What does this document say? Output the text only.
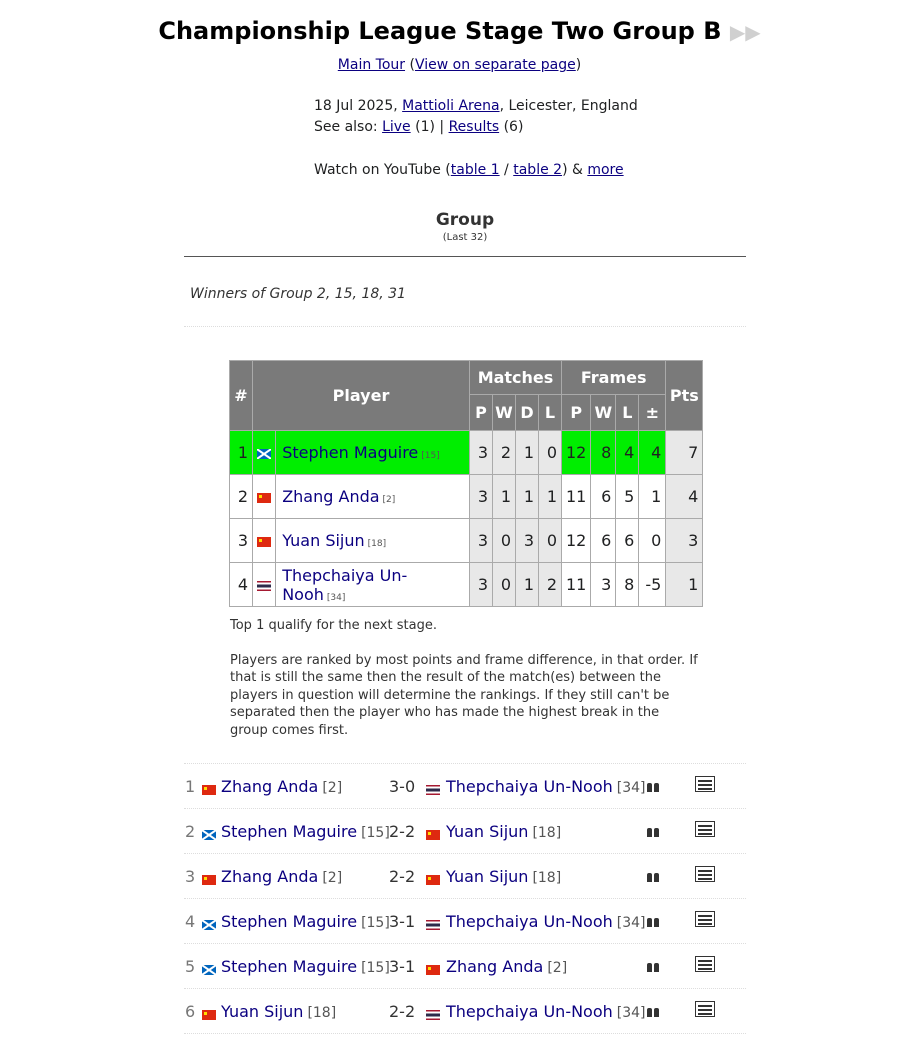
Championship League Stage Two Group B ▶▶
Main Tour (View on separate page)
18 Jul 2025, Mattioli Arena, Leicester, England
See also: Live (1) | Results (6)
Watch on YouTube (table 1 / table 2) & more
Group
(Last 32)
Winners of Group 2, 15, 18, 31
#	Player		Matches				Frames				Pts
			P	W	D	L	P	W	L	±	
1		Stephen Maguire [15]	3	2	1	0	12	8	4	4	7
2		Zhang Anda [2]	3	1	1	1	11	6	5	1	4
3		Yuan Sijun [18]	3	0	3	0	12	6	6	0	3
4		Thepchaiya Un-Nooh [34]	3	0	1	2	11	3	8	-5	1

Top 1 qualify for the next stage.

Players are ranked by most points and frame difference, in that order. If that is still the same then the result of the match(es) between the players in question will determine the rankings. If they still can't be separated then the player who has made the highest break in the group comes first.

1 Zhang Anda [2]	3-0 Thepchaiya Un-Nooh [34]

2 Stephen Maguire [15] 2-2 Yuan Sijun [18]

3 Zhang Anda [2]	2-2 Yuan Sijun [18]

4 Stephen Maguire [15] 3-1 Thepchaiya Un-Nooh [34]

5 Stephen Maguire [15] 3-1 Zhang Anda [2]

6 Yuan Sijun [18]	2-2 Thepchaiya Un-Nooh [34]
